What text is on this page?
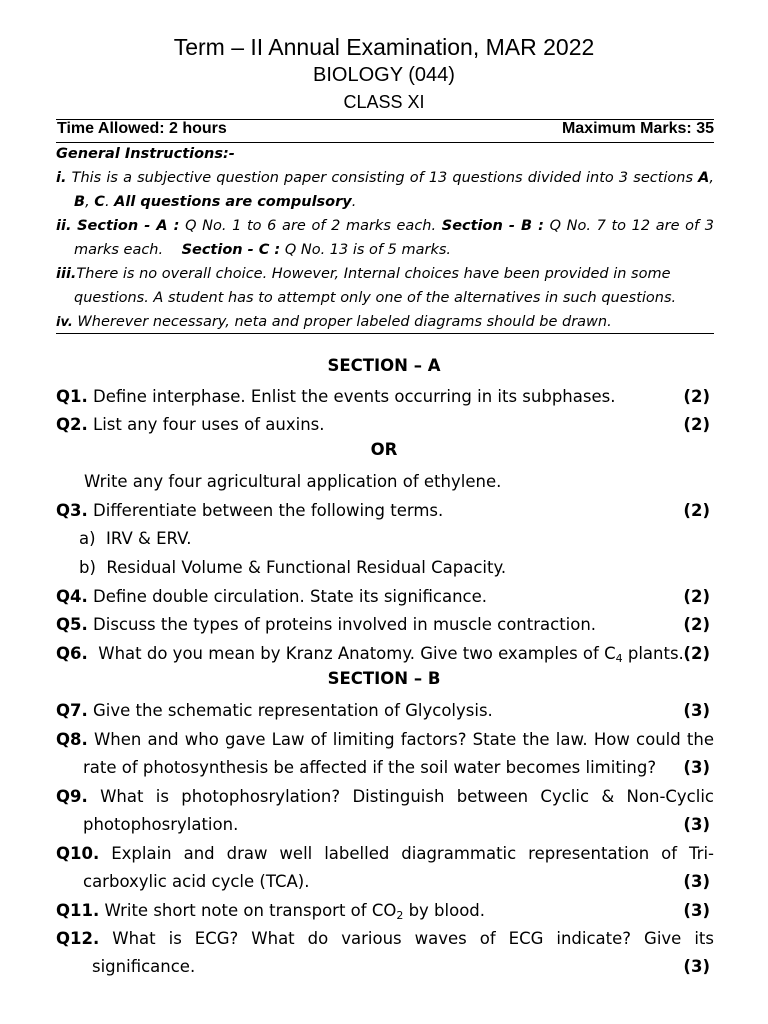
Term – II Annual Examination, MAR 2022
BIOLOGY (044)
CLASS XI
Time Allowed: 2 hours	Maximum Marks: 35
General Instructions:-
i. This is a subjective question paper consisting of 13 questions divided into 3 sections A, B, C. All questions are compulsory.
ii. Section - A : Q No. 1 to 6 are of 2 marks each. Section - B : Q No. 7 to 12 are of 3 marks each. Section - C : Q No. 13 is of 5 marks.
iii.There is no overall choice. However, Internal choices have been provided in some
questions. A student has to attempt only one of the alternatives in such questions.
iv. Wherever necessary, neta and proper labeled diagrams should be drawn.
SECTION – A
Q1. Define interphase. Enlist the events occurring in its subphases.	(2)
Q2. List any four uses of auxins.	(2)
OR
Write any four agricultural application of ethylene.
Q3. Differentiate between the following terms.	(2)
a)  IRV & ERV.
b)  Residual Volume & Functional Residual Capacity.
Q4. Define double circulation. State its significance.	(2)
Q5. Discuss the types of proteins involved in muscle contraction.	(2)
Q6.  What do you mean by Kranz Anatomy. Give two examples of $C_4$ plants. (2)
SECTION – B
Q7. Give the schematic representation of Glycolysis.	(3)
Q8. When and who gave Law of limiting factors? State the law. How could the
rate of photosynthesis be affected if the soil water becomes limiting? (3)
Q9. What is photophosrylation? Distinguish between Cyclic & Non-Cyclic
photophosrylation.	(3)
Q10. Explain and draw well labelled diagrammatic representation of Tri-
carboxylic acid cycle (TCA).	(3)
Q11. Write short note on transport of $CO_2$ by blood.	(3)
Q12. What is ECG? What do various waves of ECG indicate? Give its
significance.	(3)
